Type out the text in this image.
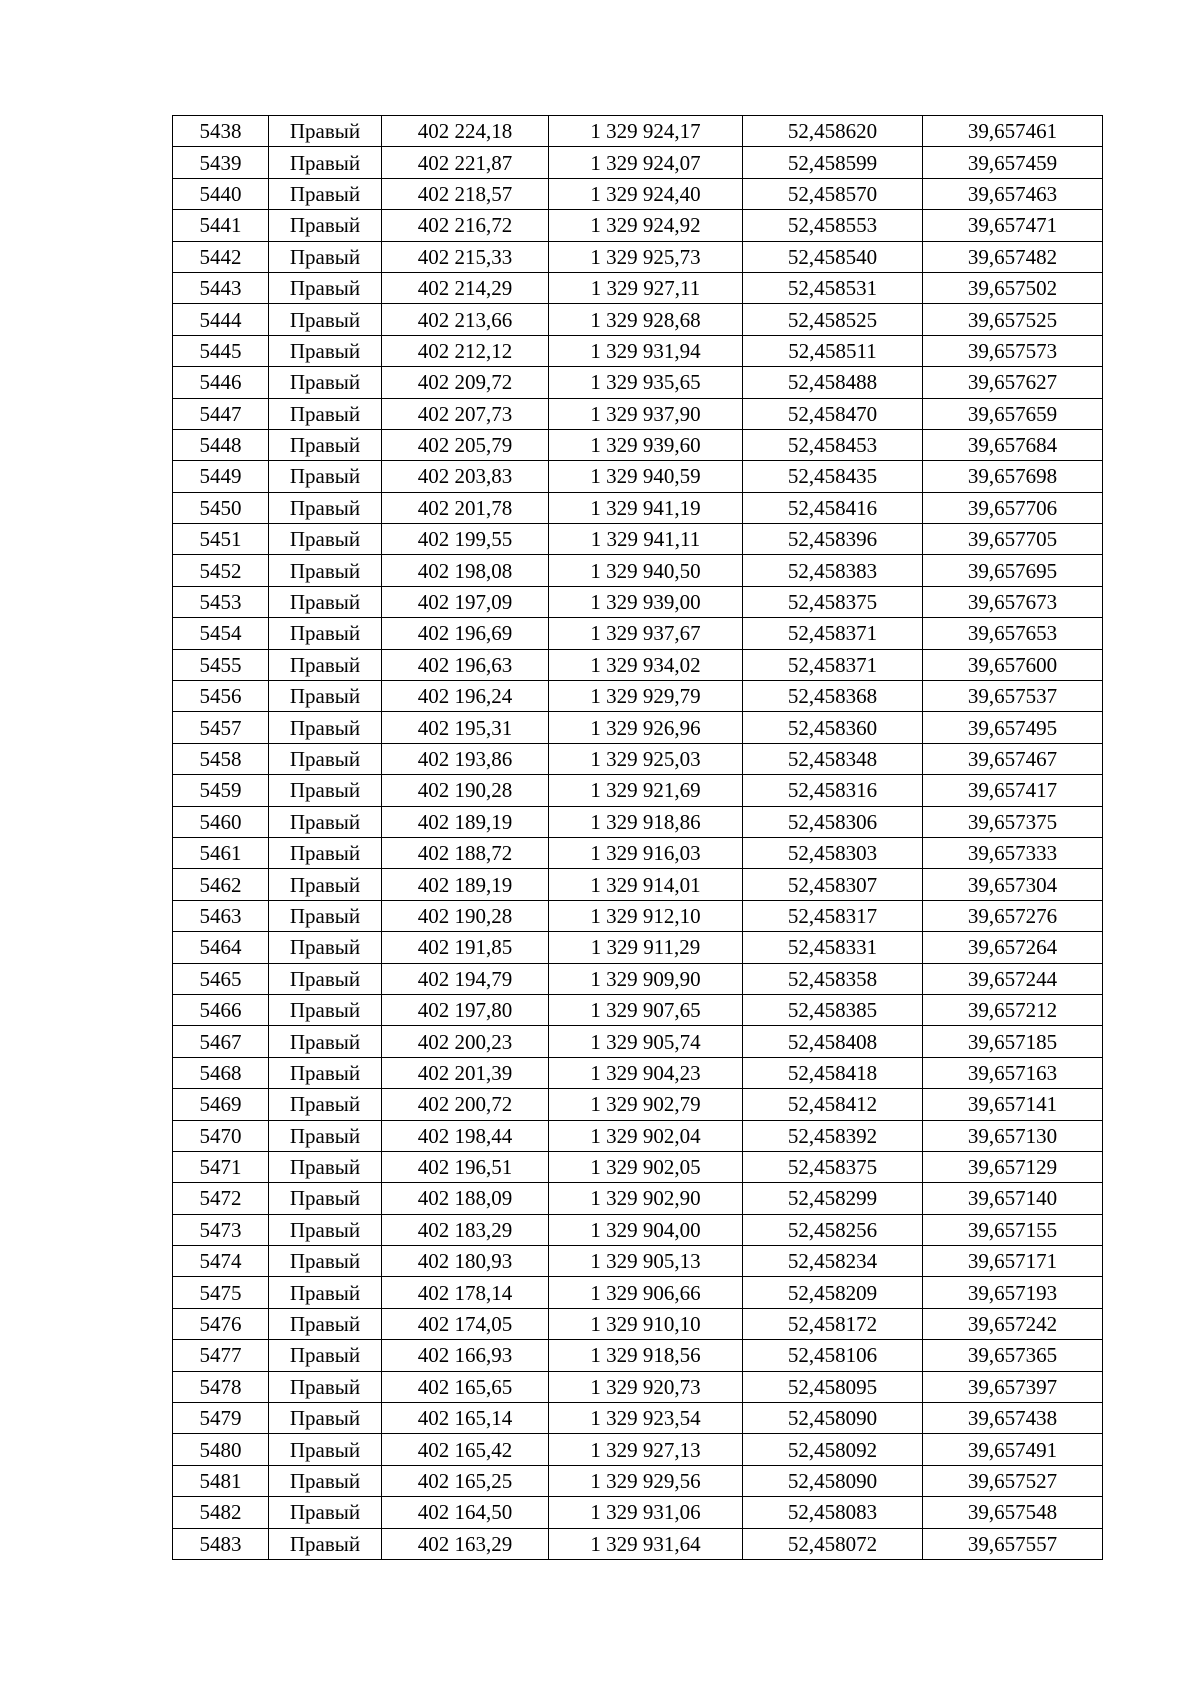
5438	Правый	402 224,18	1 329 924,17	52,458620	39,657461
5439	Правый	402 221,87	1 329 924,07	52,458599	39,657459
5440	Правый	402 218,57	1 329 924,40	52,458570	39,657463
5441	Правый	402 216,72	1 329 924,92	52,458553	39,657471
5442	Правый	402 215,33	1 329 925,73	52,458540	39,657482
5443	Правый	402 214,29	1 329 927,11	52,458531	39,657502
5444	Правый	402 213,66	1 329 928,68	52,458525	39,657525
5445	Правый	402 212,12	1 329 931,94	52,458511	39,657573
5446	Правый	402 209,72	1 329 935,65	52,458488	39,657627
5447	Правый	402 207,73	1 329 937,90	52,458470	39,657659
5448	Правый	402 205,79	1 329 939,60	52,458453	39,657684
5449	Правый	402 203,83	1 329 940,59	52,458435	39,657698
5450	Правый	402 201,78	1 329 941,19	52,458416	39,657706
5451	Правый	402 199,55	1 329 941,11	52,458396	39,657705
5452	Правый	402 198,08	1 329 940,50	52,458383	39,657695
5453	Правый	402 197,09	1 329 939,00	52,458375	39,657673
5454	Правый	402 196,69	1 329 937,67	52,458371	39,657653
5455	Правый	402 196,63	1 329 934,02	52,458371	39,657600
5456	Правый	402 196,24	1 329 929,79	52,458368	39,657537
5457	Правый	402 195,31	1 329 926,96	52,458360	39,657495
5458	Правый	402 193,86	1 329 925,03	52,458348	39,657467
5459	Правый	402 190,28	1 329 921,69	52,458316	39,657417
5460	Правый	402 189,19	1 329 918,86	52,458306	39,657375
5461	Правый	402 188,72	1 329 916,03	52,458303	39,657333
5462	Правый	402 189,19	1 329 914,01	52,458307	39,657304
5463	Правый	402 190,28	1 329 912,10	52,458317	39,657276
5464	Правый	402 191,85	1 329 911,29	52,458331	39,657264
5465	Правый	402 194,79	1 329 909,90	52,458358	39,657244
5466	Правый	402 197,80	1 329 907,65	52,458385	39,657212
5467	Правый	402 200,23	1 329 905,74	52,458408	39,657185
5468	Правый	402 201,39	1 329 904,23	52,458418	39,657163
5469	Правый	402 200,72	1 329 902,79	52,458412	39,657141
5470	Правый	402 198,44	1 329 902,04	52,458392	39,657130
5471	Правый	402 196,51	1 329 902,05	52,458375	39,657129
5472	Правый	402 188,09	1 329 902,90	52,458299	39,657140
5473	Правый	402 183,29	1 329 904,00	52,458256	39,657155
5474	Правый	402 180,93	1 329 905,13	52,458234	39,657171
5475	Правый	402 178,14	1 329 906,66	52,458209	39,657193
5476	Правый	402 174,05	1 329 910,10	52,458172	39,657242
5477	Правый	402 166,93	1 329 918,56	52,458106	39,657365
5478	Правый	402 165,65	1 329 920,73	52,458095	39,657397
5479	Правый	402 165,14	1 329 923,54	52,458090	39,657438
5480	Правый	402 165,42	1 329 927,13	52,458092	39,657491
5481	Правый	402 165,25	1 329 929,56	52,458090	39,657527
5482	Правый	402 164,50	1 329 931,06	52,458083	39,657548
5483	Правый	402 163,29	1 329 931,64	52,458072	39,657557
